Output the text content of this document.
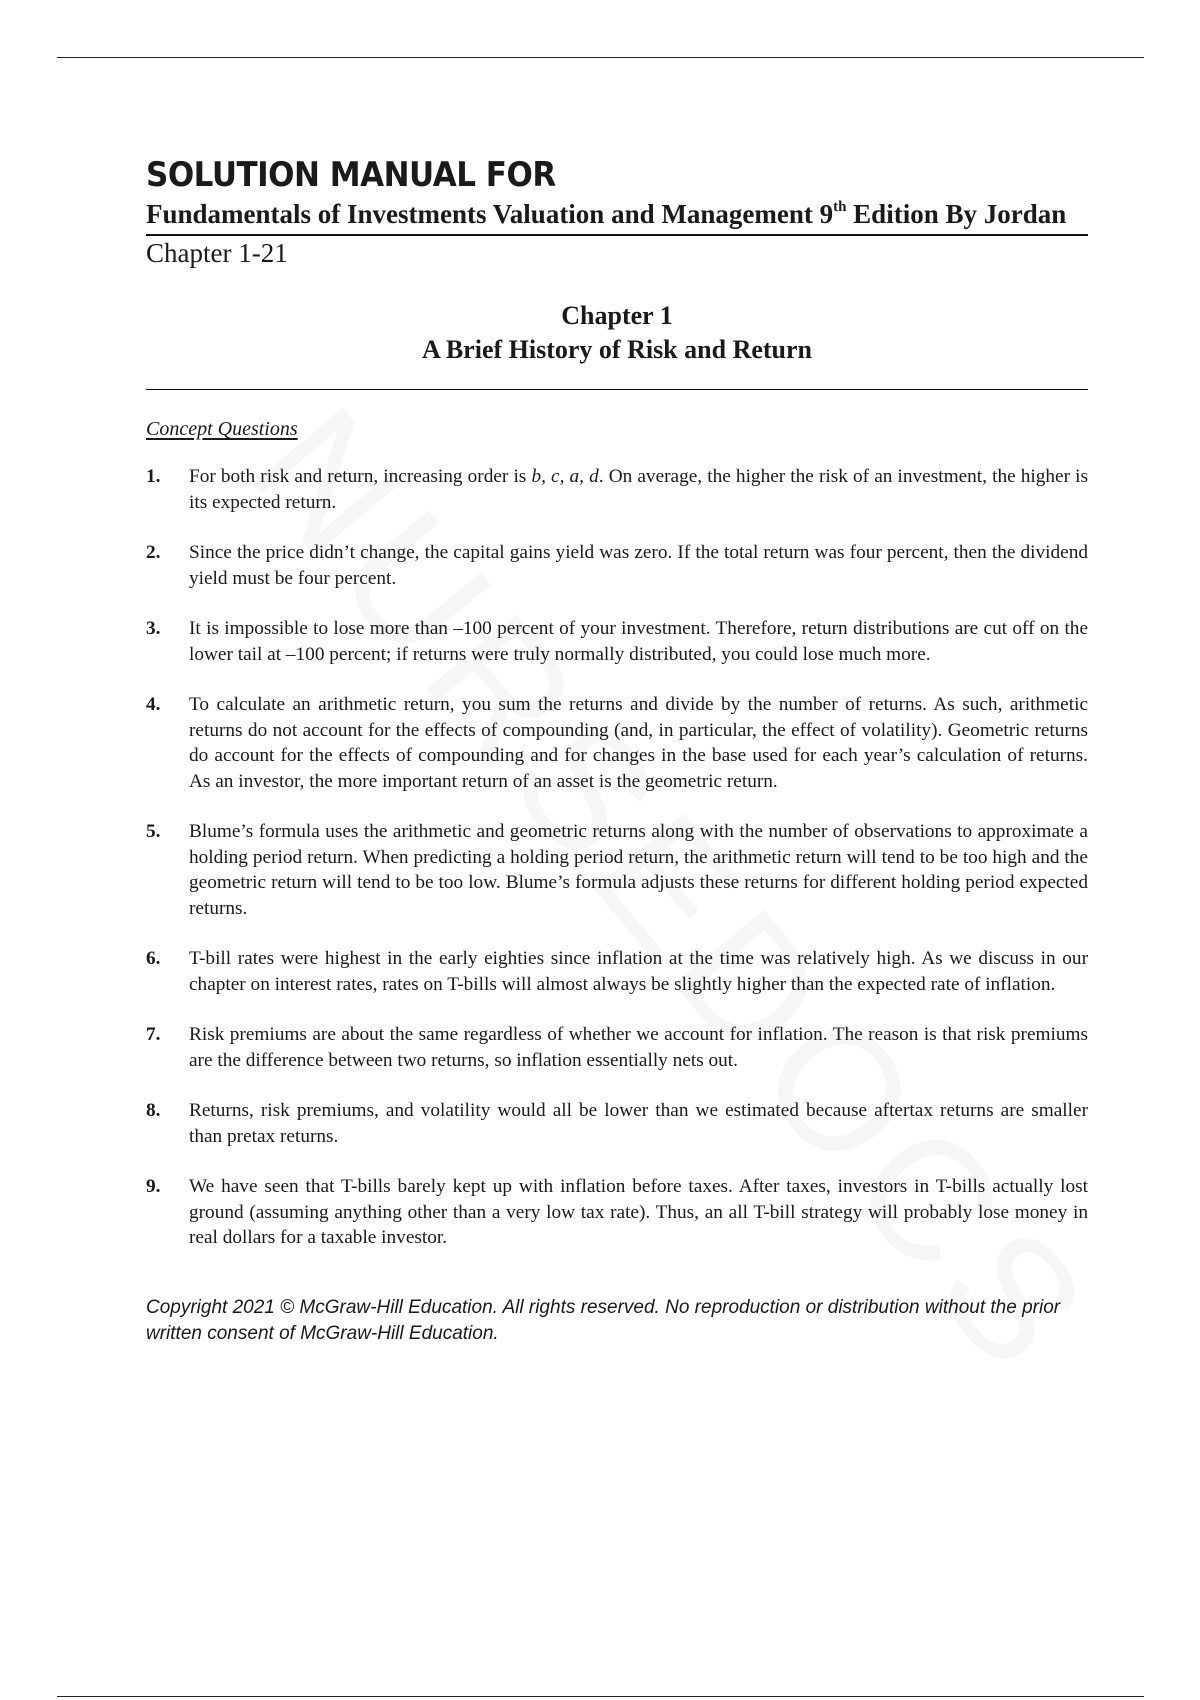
SOLUTION MANUAL FOR
Fundamentals of Investments Valuation and Management 9th Edition By Jordan
Chapter 1-21
Chapter 1
A Brief History of Risk and Return
Concept Questions
1.	For both risk and return, increasing order is b, c, a, d. On average, the higher the risk of an investment, the higher is its expected return.
2.	Since the price didn’t change, the capital gains yield was zero. If the total return was four percent, then the dividend yield must be four percent.
3.	It is impossible to lose more than –100 percent of your investment. Therefore, return distributions are cut off on the lower tail at –100 percent; if returns were truly normally distributed, you could lose much more.
4.	To calculate an arithmetic return, you sum the returns and divide by the number of returns. As such, arithmetic returns do not account for the effects of compounding (and, in particular, the effect of volatility). Geometric returns do account for the effects of compounding and for changes in the base used for each year’s calculation of returns. As an investor, the more important return of an asset is the geometric return.
5.	Blume’s formula uses the arithmetic and geometric returns along with the number of observations to approximate a holding period return. When predicting a holding period return, the arithmetic return will tend to be too high and the geometric return will tend to be too low. Blume’s formula adjusts these returns for different holding period expected returns.
6.	T-bill rates were highest in the early eighties since inflation at the time was relatively high. As we discuss in our chapter on interest rates, rates on T-bills will almost always be slightly higher than the expected rate of inflation.
7.	Risk premiums are about the same regardless of whether we account for inflation. The reason is that risk premiums are the difference between two returns, so inflation essentially nets out.
8.	Returns, risk premiums, and volatility would all be lower than we estimated because aftertax returns are smaller than pretax returns.
9.	We have seen that T-bills barely kept up with inflation before taxes. After taxes, investors in T-bills actually lost ground (assuming anything other than a very low tax rate). Thus, an all T-bill strategy will probably lose money in real dollars for a taxable investor.
Copyright 2021 © McGraw-Hill Education. All rights reserved. No reproduction or distribution without the prior written consent of McGraw-Hill Education.
